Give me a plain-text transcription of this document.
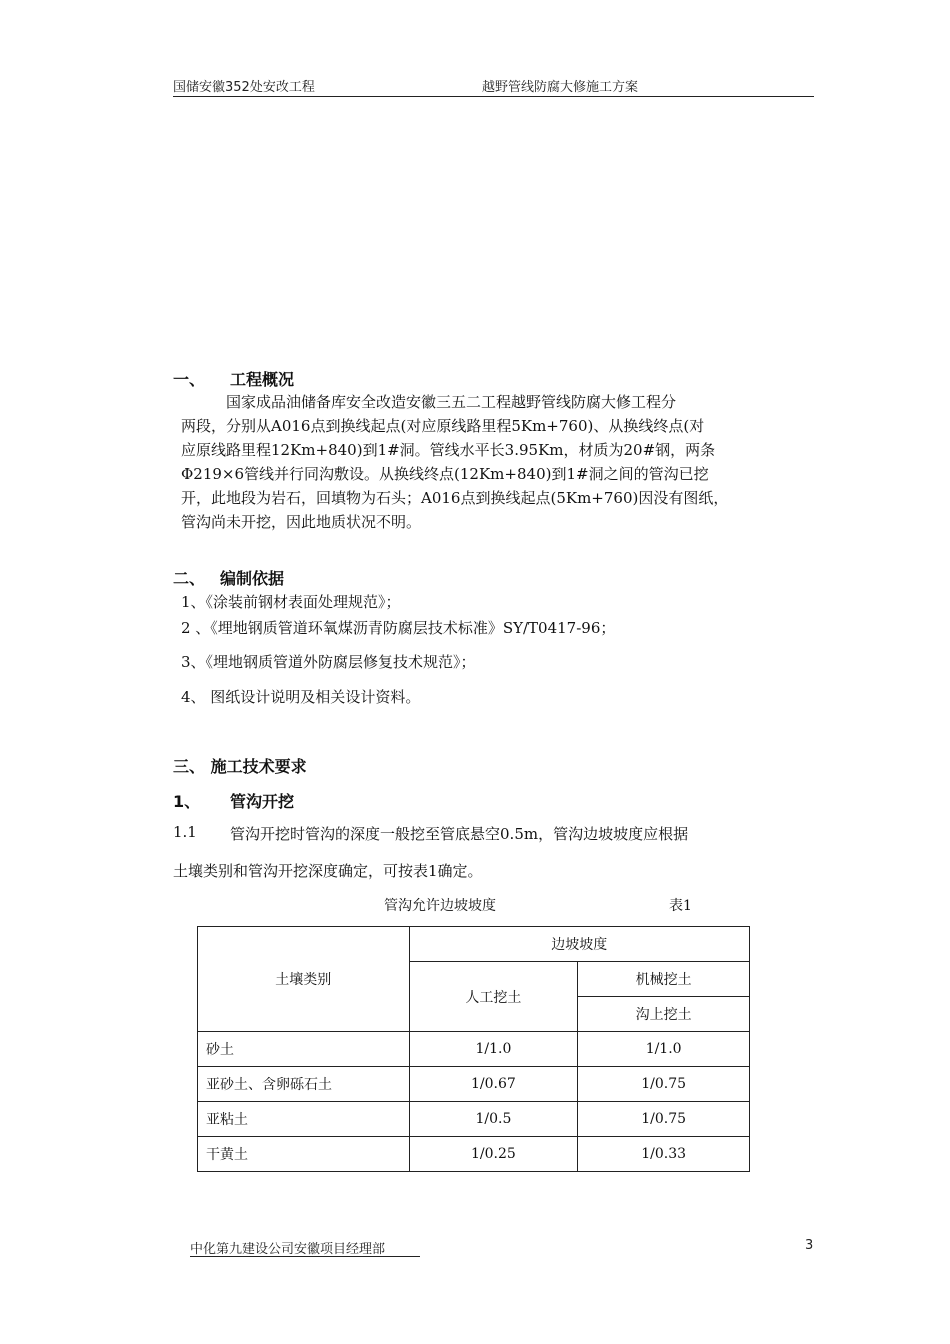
国储安徽352处安改工程	越野管线防腐大修施工方案
一、 工程概况
国家成品油储备库安全改造安徽三五二工程越野管线防腐大修工程分
两段，分别从A016点到换线起点(对应原线路里程5Km+760)、从换线终点(对
应原线路里程12Km+840)到1#洞。管线水平长3.95Km，材质为20#钢，两条
Φ219×6管线并行同沟敷设。从换线终点(12Km+840)到1#洞之间的管沟已挖
开，此地段为岩石，回填物为石头；A016点到换线起点(5Km+760)因没有图纸，
管沟尚未开挖，因此地质状况不明。
二、 编制依据
1、《涂装前钢材表面处理规范》；
2 、《埋地钢质管道环氧煤沥青防腐层技术标准》SY/T0417-96；
3、《埋地钢质管道外防腐层修复技术规范》；
4、 图纸设计说明及相关设计资料。
三、 施工技术要求
1、 管沟开挖
1.1 管沟开挖时管沟的深度一般挖至管底悬空0.5m，管沟边坡坡度应根据
土壤类别和管沟开挖深度确定，可按表1确定。
管沟允许边坡坡度	表1
土壤类别	边坡坡度	
	人工挖土	机械挖土
		沟上挖土
砂土	1/1.0	1/1.0
亚砂土、含卵砾石土	1/0.67	1/0.75
亚粘土	1/0.5	1/0.75
干黄土	1/0.25	1/0.33
中化第九建设公司安徽项目经理部	3
